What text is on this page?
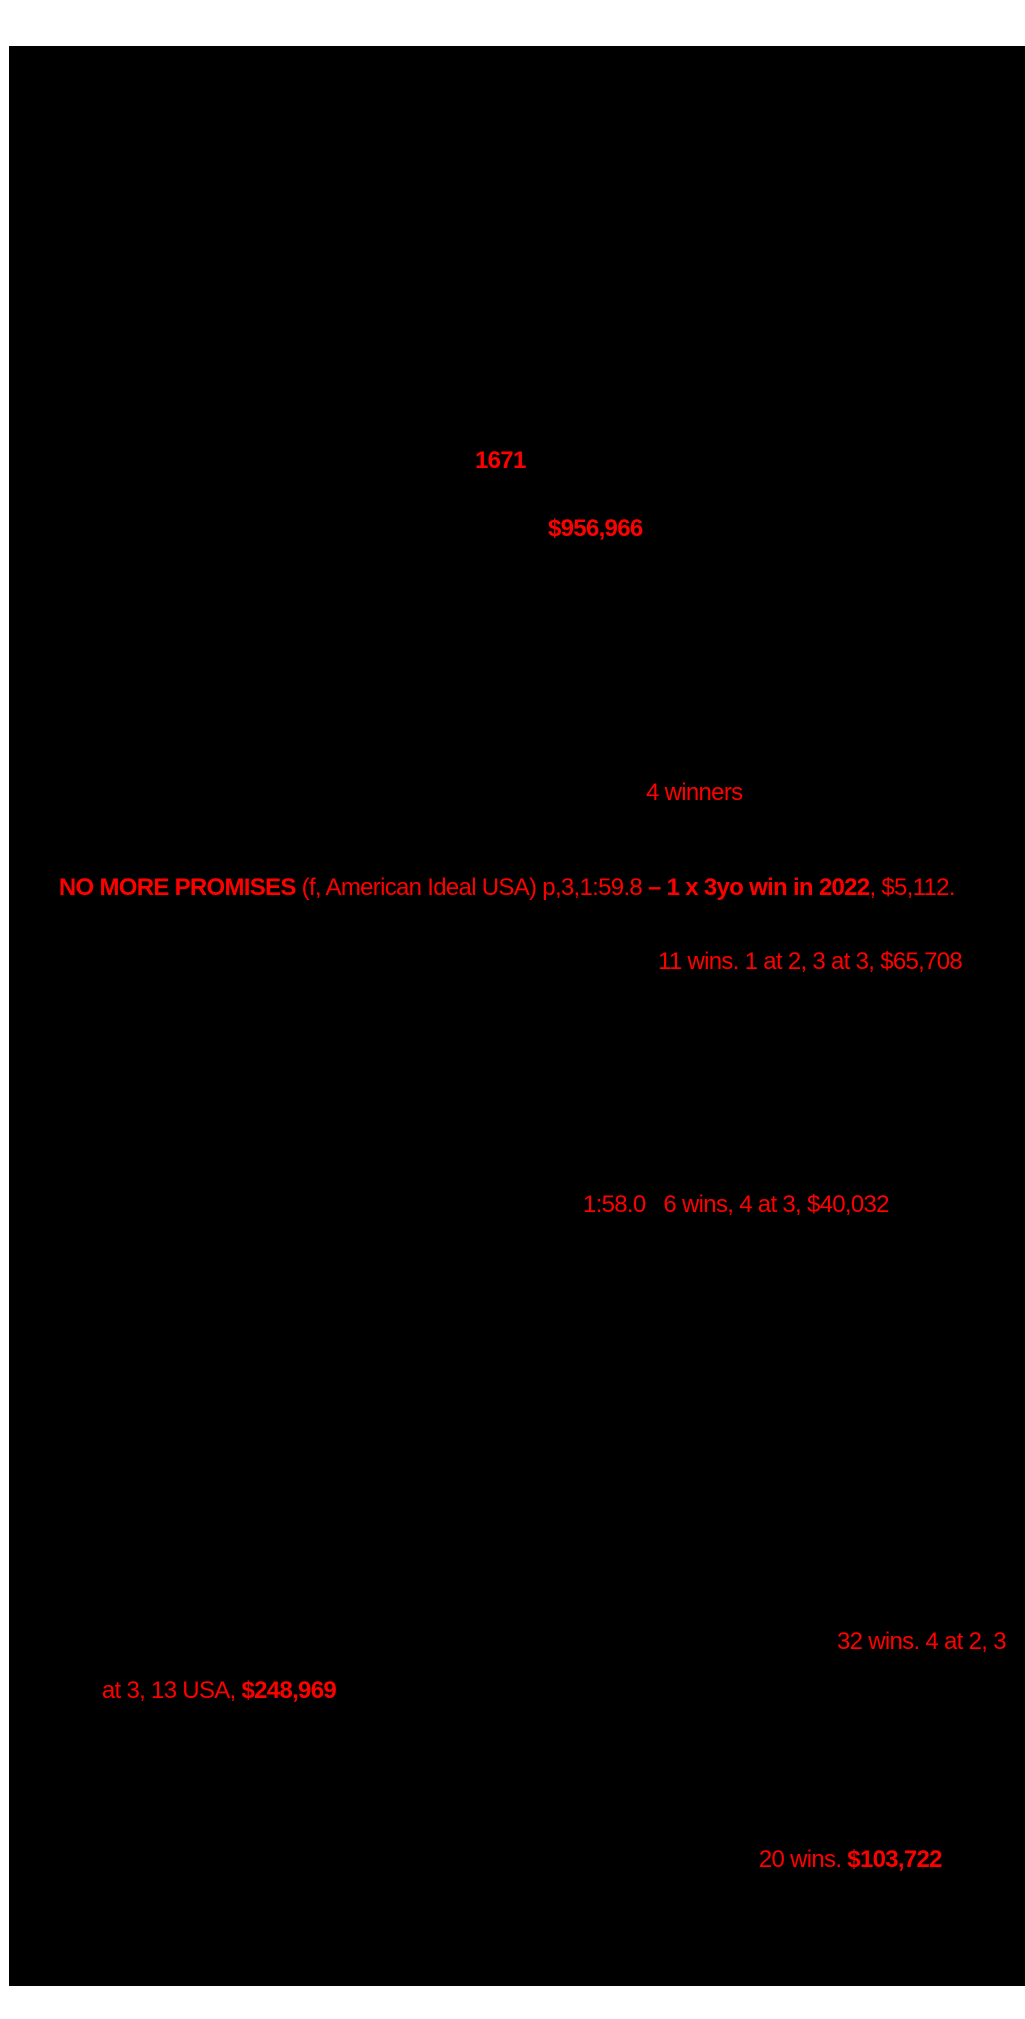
1671
$956,966
4 winners

NO MORE PROMISES (f, American Ideal USA) p,3,1:59.8 – 1 x 3yo win in 2022, $5,112.

11 wins. 1 at 2, 3 at 3, $65,708
1:58.0   6 wins, 4 at 3, $40,032
32 wins. 4 at 2, 3

at 3, 13 USA, $248,969

20 wins. $103,722
